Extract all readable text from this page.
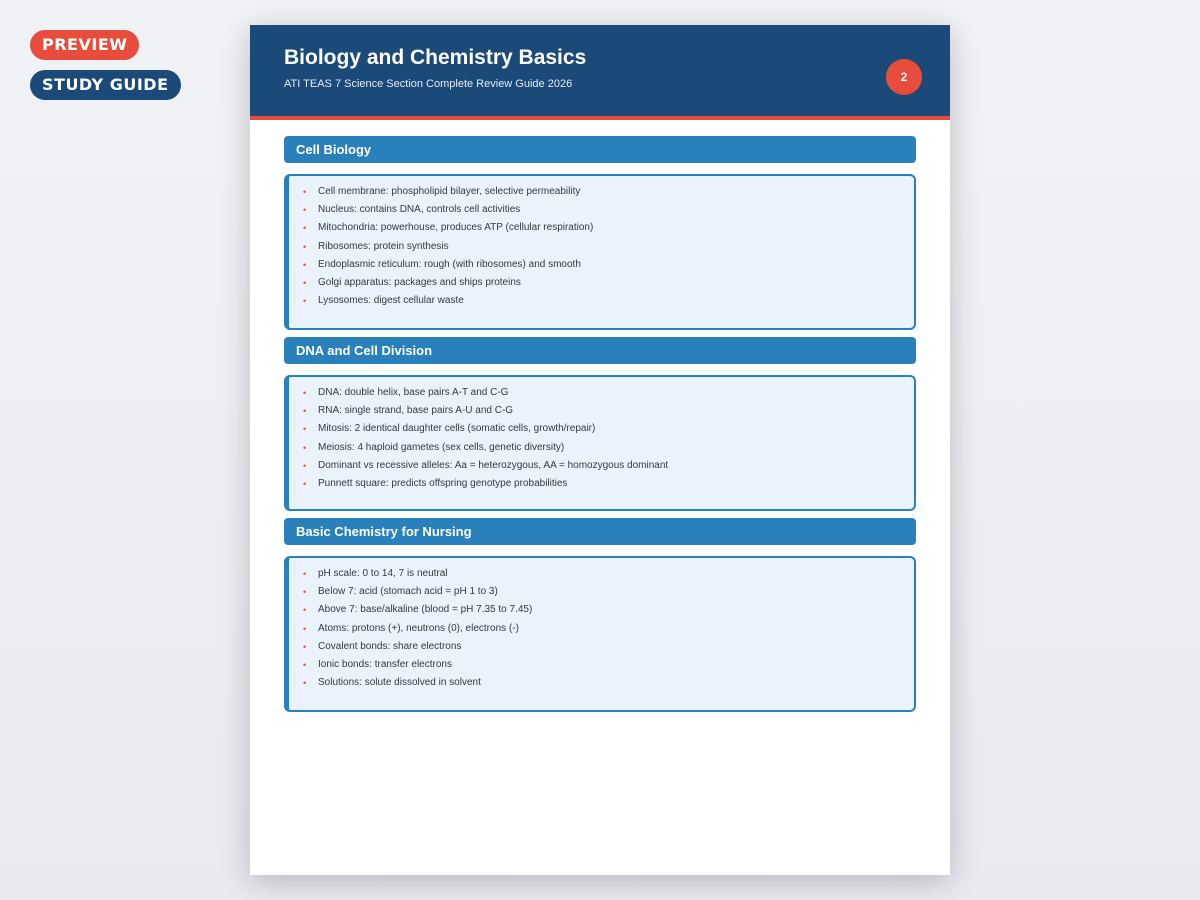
PREVIEW
STUDY GUIDE
Biology and Chemistry Basics

ATI TEAS 7 Science Section Complete Review Guide 2026	2
Cell Biology
• Cell membrane: phospholipid bilayer, selective permeability
• Nucleus: contains DNA, controls cell activities
• Mitochondria: powerhouse, produces ATP (cellular respiration)
• Ribosomes: protein synthesis
• Endoplasmic reticulum: rough (with ribosomes) and smooth
• Golgi apparatus: packages and ships proteins
• Lysosomes: digest cellular waste
DNA and Cell Division
• DNA: double helix, base pairs A-T and C-G
• RNA: single strand, base pairs A-U and C-G
• Mitosis: 2 identical daughter cells (somatic cells, growth/repair)
• Meiosis: 4 haploid gametes (sex cells, genetic diversity)
• Dominant vs recessive alleles: Aa = heterozygous, AA = homozygous dominant
• Punnett square: predicts offspring genotype probabilities
Basic Chemistry for Nursing
• pH scale: 0 to 14, 7 is neutral
• Below 7: acid (stomach acid = pH 1 to 3)
• Above 7: base/alkaline (blood = pH 7.35 to 7.45)
• Atoms: protons (+), neutrons (0), electrons (-)
• Covalent bonds: share electrons
• Ionic bonds: transfer electrons
• Solutions: solute dissolved in solvent
